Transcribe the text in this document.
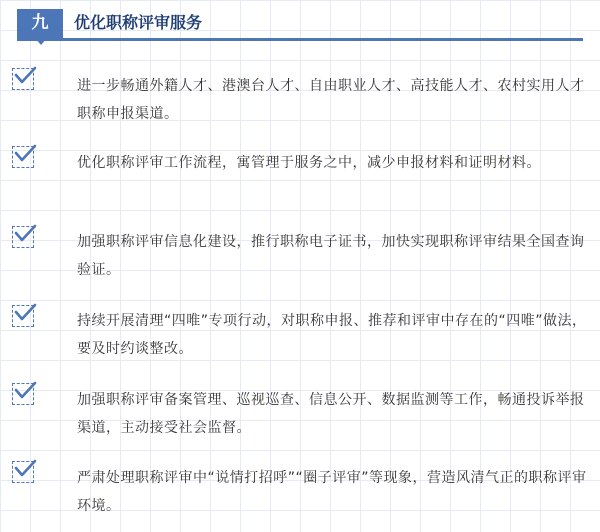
九	优化职称评审服务
进一步畅通外籍人才、港澳台人才、自由职业人才、高技能人才、农村实用人才职称申报渠道。
优化职称评审工作流程，寓管理于服务之中，减少申报材料和证明材料。
加强职称评审信息化建设，推行职称电子证书，加快实现职称评审结果全国查询验证。
持续开展清理“四唯”专项行动，对职称申报、推荐和评审中存在的“四唯”做法，要及时约谈整改。
加强职称评审备案管理、巡视巡查、信息公开、数据监测等工作，畅通投诉举报渠道，主动接受社会监督。
严肃处理职称评审中“说情打招呼”“圈子评审”等现象，营造风清气正的职称评审环境。
